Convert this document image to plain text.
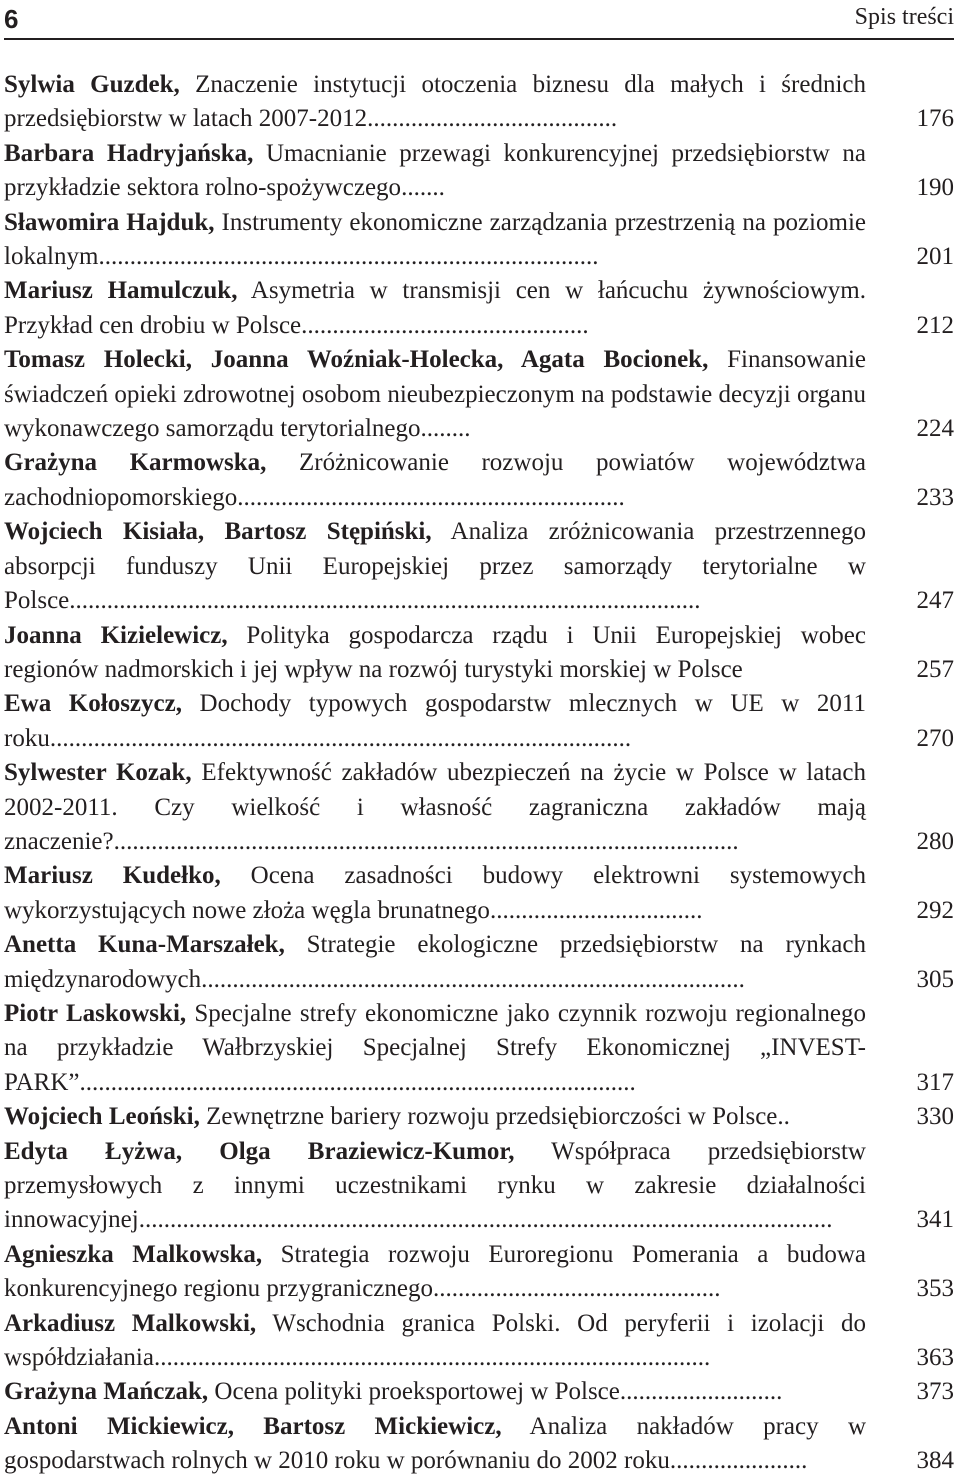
6	Spis treści
Sylwia Guzdek, Znaczenie instytucji otoczenia biznesu dla małych i średnich przedsiębiorstw w latach 2007-2012........................................	176
Barbara Hadryjańska, Umacnianie przewagi konkurencyjnej przedsiębiorstw na przykładzie sektora rolno-spożywczego.......	190
Sławomira Hajduk, Instrumenty ekonomiczne zarządzania przestrzenią na poziomie lokalnym................................................................................	201
Mariusz Hamulczuk, Asymetria w transmisji cen w łańcuchu żywnościowym. Przykład cen drobiu w Polsce..............................................	212
Tomasz Holecki, Joanna Woźniak-Holecka, Agata Bocionek, Finansowanie świadczeń opieki zdrowotnej osobom nieubezpieczonym na podstawie decyzji organu wykonawczego samorządu terytorialnego........	224
Grażyna Karmowska, Zróżnicowanie rozwoju powiatów województwa zachodniopomorskiego..............................................................	233
Wojciech Kisiała, Bartosz Stępiński, Analiza zróżnicowania przestrzennego absorpcji funduszy Unii Europejskiej przez samorządy terytorialne w Polsce.....................................................................................................	247
Joanna Kizielewicz, Polityka gospodarcza rządu i Unii Europejskiej wobec regionów nadmorskich i jej wpływ na rozwój turystyki morskiej w Polsce	257
Ewa Kołoszycz, Dochody typowych gospodarstw mlecznych w UE w 2011 roku.............................................................................................	270
Sylwester Kozak, Efektywność zakładów ubezpieczeń na życie w Polsce w latach 2002-2011. Czy wielkość i własność zagraniczna zakładów mają znaczenie?....................................................................................................	280
Mariusz Kudełko, Ocena zasadności budowy elektrowni systemowych wykorzystujących nowe złoża węgla brunatnego..................................	292
Anetta Kuna-Marszałek, Strategie ekologiczne przedsiębiorstw na rynkach międzynarodowych.......................................................................................	305
Piotr Laskowski, Specjalne strefy ekonomiczne jako czynnik rozwoju regionalnego na przykładzie Wałbrzyskiej Specjalnej Strefy Ekonomicznej „INVEST- PARK”.........................................................................................	317
Wojciech Leoński, Zewnętrzne bariery rozwoju przedsiębiorczości w Polsce..	330
Edyta Łyżwa, Olga Braziewicz-Kumor, Współpraca przedsiębiorstw przemysłowych z innymi uczestnikami rynku w zakresie działalności innowacyjnej...............................................................................................................	341
Agnieszka Malkowska, Strategia rozwoju Euroregionu Pomerania a budowa konkurencyjnego regionu przygranicznego..............................................	353
Arkadiusz Malkowski, Wschodnia granica Polski. Od peryferii i izolacji do współdziałania.........................................................................................	363
Grażyna Mańczak, Ocena polityki proeksportowej w Polsce..........................	373
Antoni Mickiewicz, Bartosz Mickiewicz, Analiza nakładów pracy w gospodarstwach rolnych w 2010 roku w porównaniu do 2002 roku......................	384
